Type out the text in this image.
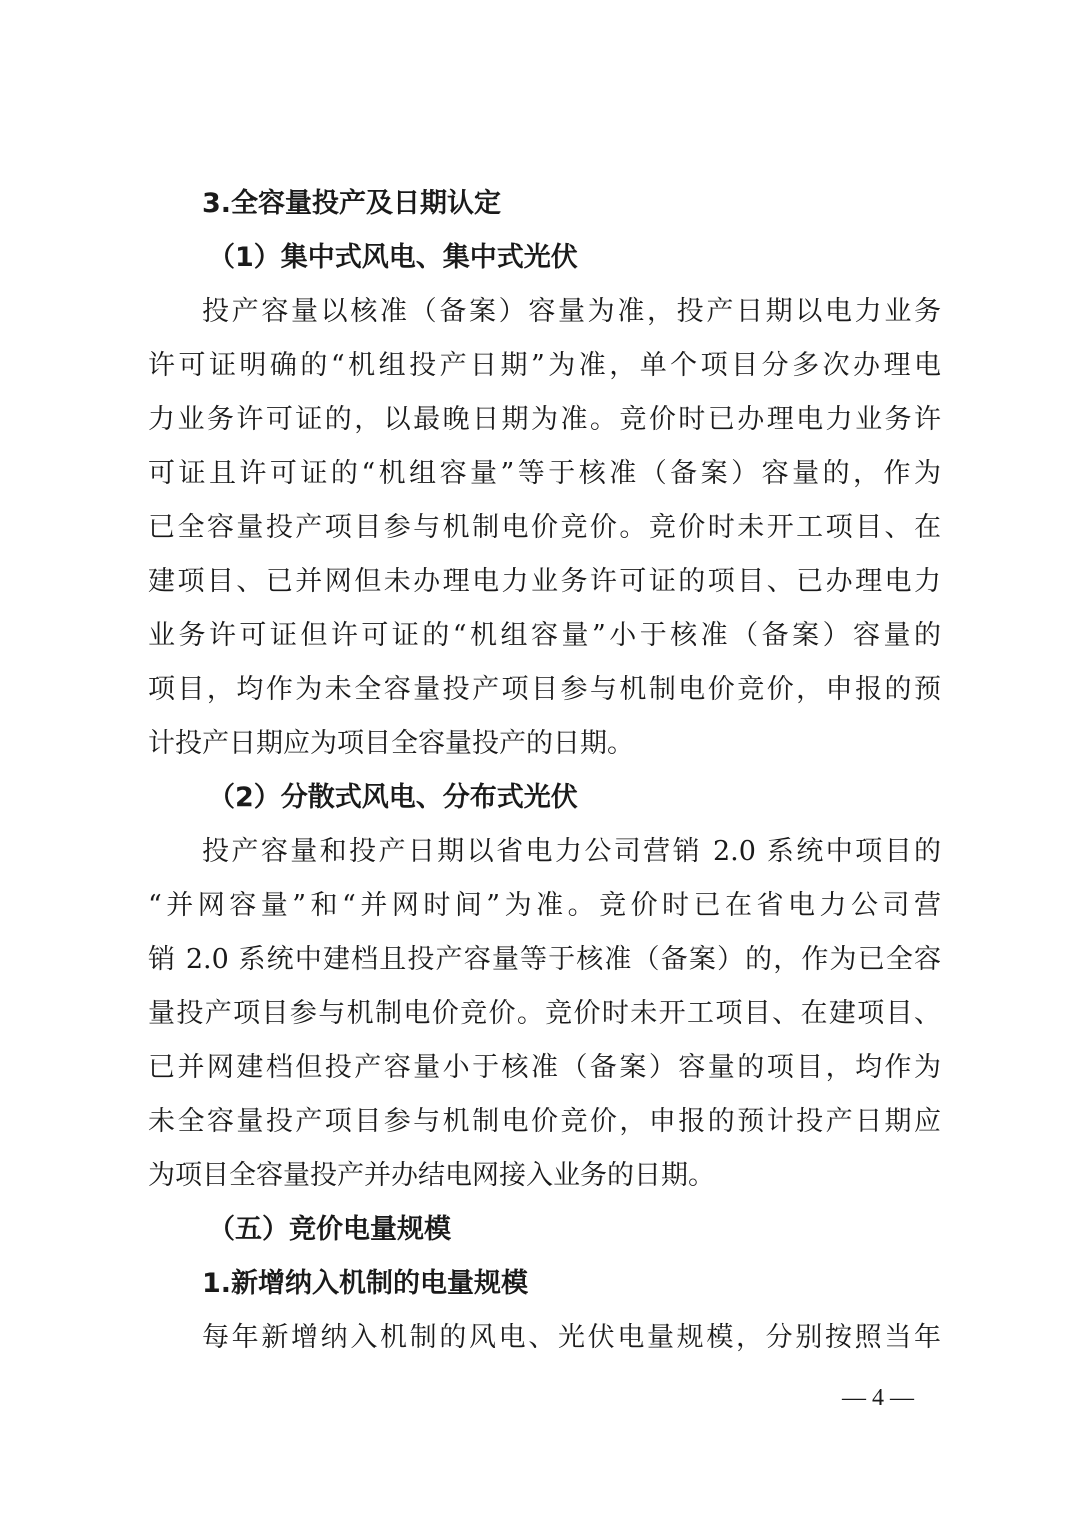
3.全容量投产及日期认定
（1）集中式风电、集中式光伏
投产容量以核准（备案）容量为准，投产日期以电力业务
许可证明确的“机组投产日期”为准，单个项目分多次办理电
力业务许可证的，以最晚日期为准。竞价时已办理电力业务许
可证且许可证的“机组容量”等于核准（备案）容量的，作为
已全容量投产项目参与机制电价竞价。竞价时未开工项目、在
建项目、已并网但未办理电力业务许可证的项目、已办理电力
业务许可证但许可证的“机组容量”小于核准（备案）容量的
项目，均作为未全容量投产项目参与机制电价竞价，申报的预
计投产日期应为项目全容量投产的日期。
（2）分散式风电、分布式光伏
投产容量和投产日期以省电力公司营销 2.0 系统中项目的
“并网容量”和“并网时间”为准。竞价时已在省电力公司营
销 2.0 系统中建档且投产容量等于核准（备案）的，作为已全容
量投产项目参与机制电价竞价。竞价时未开工项目、在建项目、
已并网建档但投产容量小于核准（备案）容量的项目，均作为
未全容量投产项目参与机制电价竞价，申报的预计投产日期应
为项目全容量投产并办结电网接入业务的日期。
（五）竞价电量规模
1.新增纳入机制的电量规模
每年新增纳入机制的风电、光伏电量规模，分别按照当年
— 4 —
